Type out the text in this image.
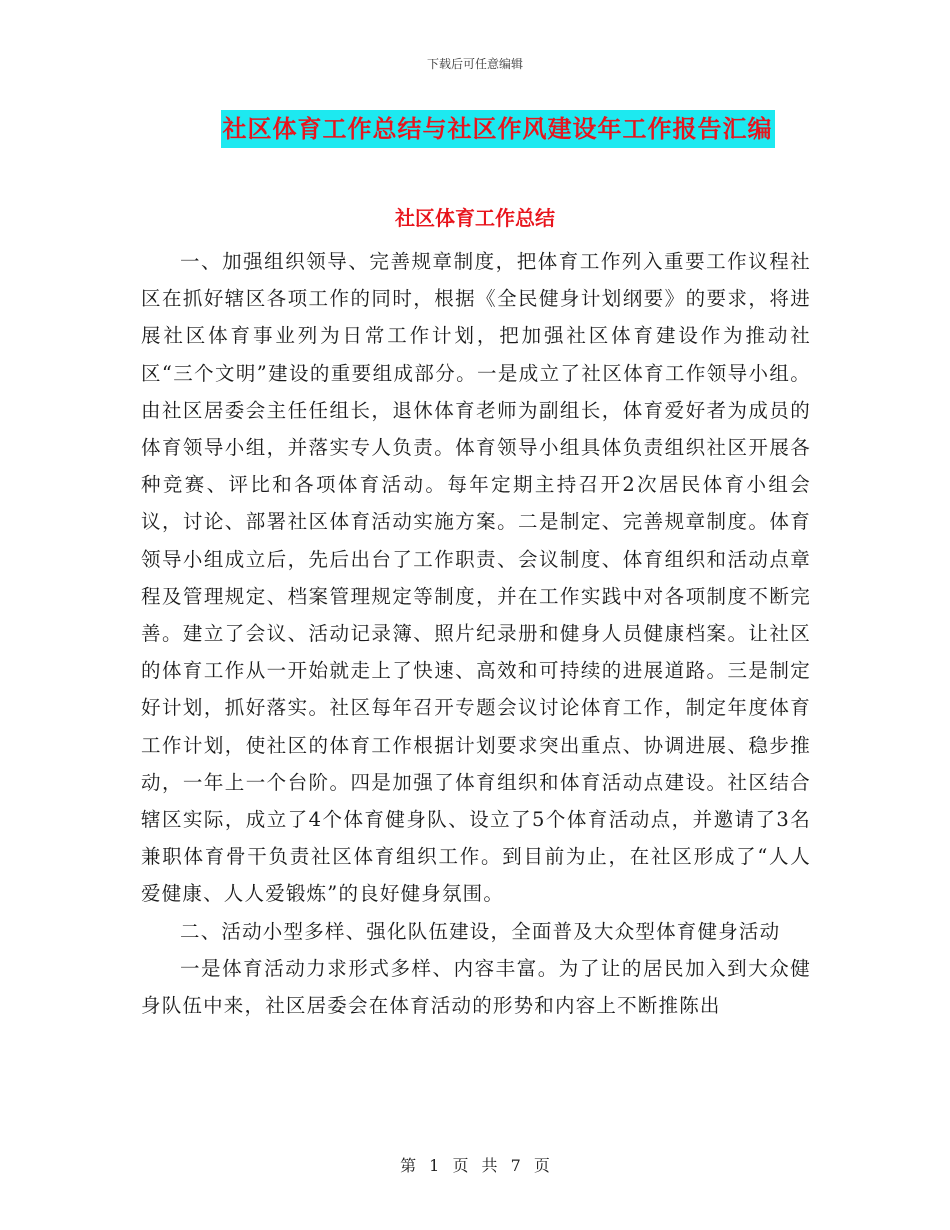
下载后可任意编辑
社区体育工作总结与社区作风建设年工作报告汇编
社区体育工作总结

一、加强组织领导、完善规章制度，把体育工作列入重要工作议程社区在抓好辖区各项工作的同时，根据《全民健身计划纲要》的要求，将进展社区体育事业列为日常工作计划，把加强社区体育建设作为推动社区“三个文明”建设的重要组成部分。一是成立了社区体育工作领导小组。由社区居委会主任任组长，退休体育老师为副组长，体育爱好者为成员的体育领导小组，并落实专人负责。体育领导小组具体负责组织社区开展各种竞赛、评比和各项体育活动。每年定期主持召开2次居民体育小组会议，讨论、部署社区体育活动实施方案。二是制定、完善规章制度。体育领导小组成立后，先后出台了工作职责、会议制度、体育组织和活动点章程及管理规定、档案管理规定等制度，并在工作实践中对各项制度不断完善。建立了会议、活动记录簿、照片纪录册和健身人员健康档案。让社区的体育工作从一开始就走上了快速、高效和可持续的进展道路。三是制定好计划，抓好落实。社区每年召开专题会议讨论体育工作，制定年度体育工作计划，使社区的体育工作根据计划要求突出重点、协调进展、稳步推动，一年上一个台阶。四是加强了体育组织和体育活动点建设。社区结合辖区实际，成立了4个体育健身队、设立了5个体育活动点，并邀请了3名兼职体育骨干负责社区体育组织工作。到目前为止，在社区形成了“人人爱健康、人人爱锻炼”的良好健身氛围。

二、活动小型多样、强化队伍建设，全面普及大众型体育健身活动

一是体育活动力求形式多样、内容丰富。为了让的居民加入到大众健身队伍中来，社区居委会在体育活动的形势和内容上不断推陈出

第 1 页 共 7 页
